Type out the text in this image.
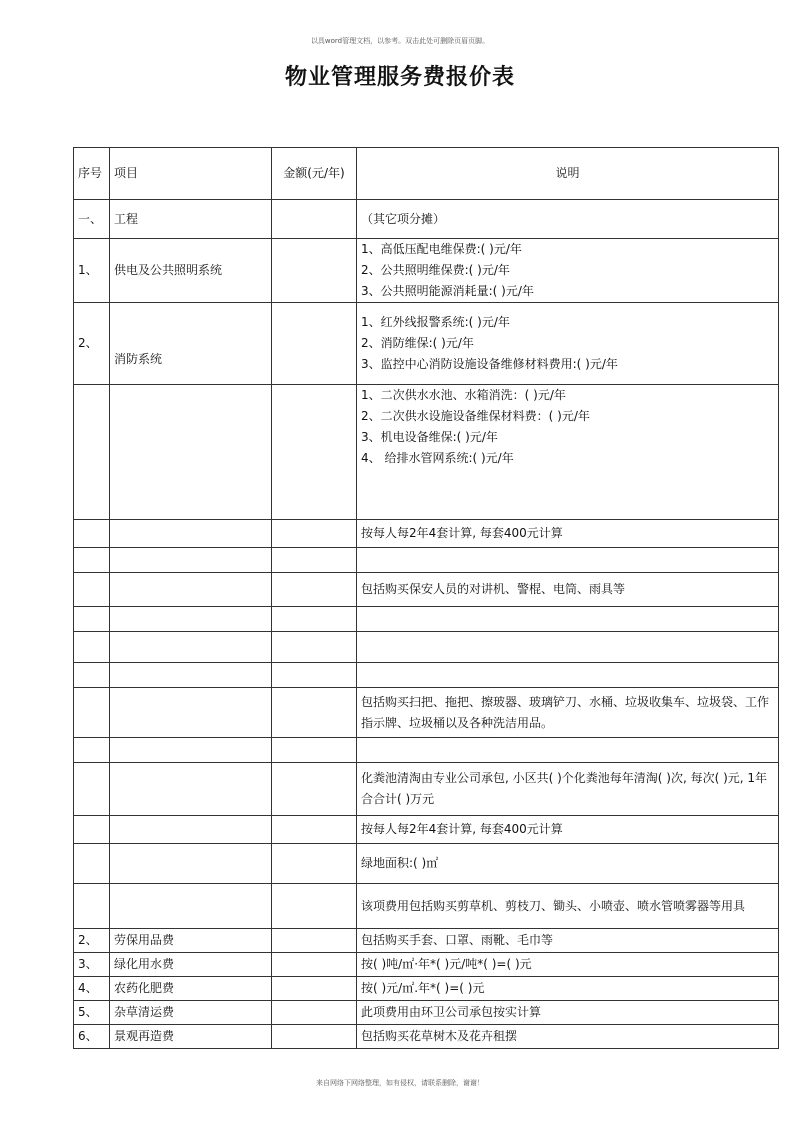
以具word管理文档，以参考。双击此处可删除页眉页脚。
物业管理服务费报价表
序号	项目	金额(元/年)	说明
一、	工程		（其它项分摊）

1、	供电及公共照明系统		1、高低压配电维保费:( )元/年
2、公共照明维保费:( )元/年
3、公共照明能源消耗量:( )元/年

2、	消防系统		1、红外线报警系统:( )元/年
2、消防维保:( )元/年
3、监控中心消防设施设备维修材料费用:( )元/年

			1、二次供水水池、水箱消洗：( )元/年
2、二次供水设施设备维保材料费：( )元/年
3、机电设备维保:( )元/年
4、 给排水管网系统:( )元/年

			按每人每2年4套计算, 每套400元计算

			包括购买保安人员的对讲机、警棍、电筒、雨具等

			包括购买扫把、拖把、擦玻器、玻璃铲刀、水桶、垃圾收集车、垃圾袋、工作指示牌、垃圾桶以及各种洗洁用品。

			化粪池清淘由专业公司承包, 小区共( )个化粪池每年清淘( )次, 每次( )元, 1年合合计( )万元

			按每人每2年4套计算, 每套400元计算

			绿地面积:( )㎡

			该项费用包括购买剪草机、剪枝刀、锄头、小喷壶、喷水管喷雾器等用具

2、	劳保用品费		包括购买手套、口罩、雨靴、毛巾等

3、	绿化用水费		按( )吨/㎡·年*( )元/吨*( )=( )元

4、	农药化肥费		按( )元/㎡.年*( )=( )元

5、	杂草清运费		此项费用由环卫公司承包按实计算

6、	景观再造费		包括购买花草树木及花卉租摆
来自网络下网络整理，如有侵权，请联系删除，谢谢！
